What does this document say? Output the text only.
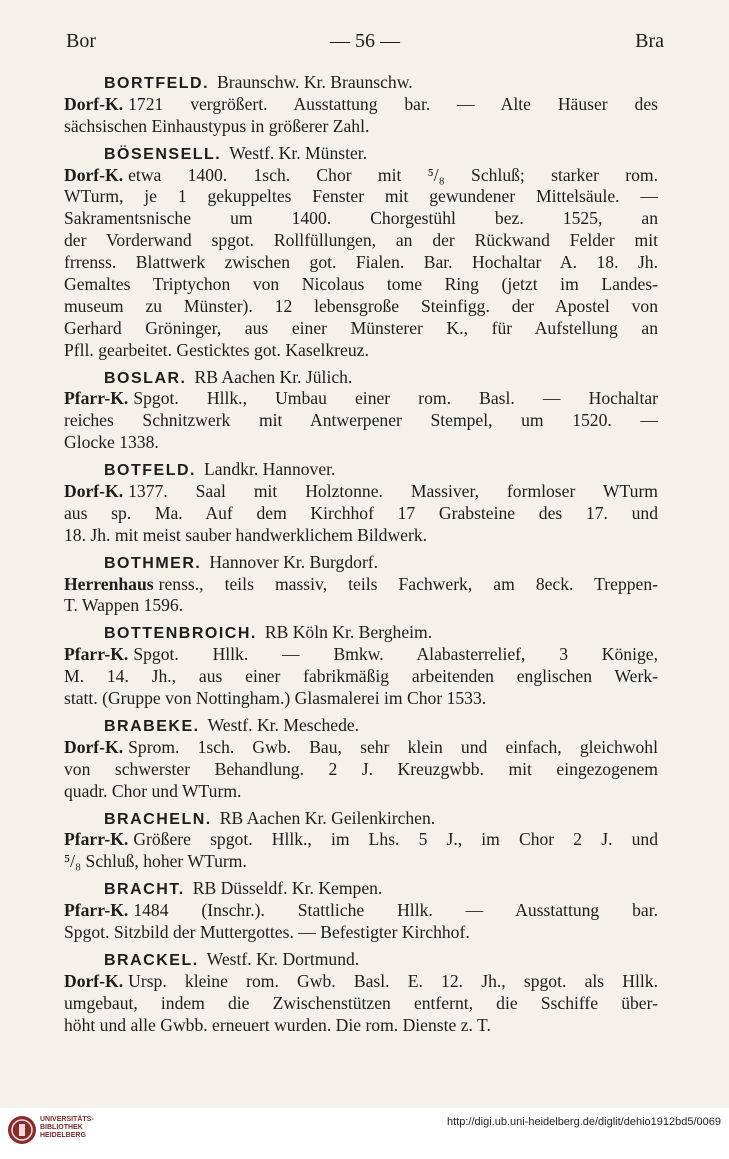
Bor	— 56 —	Bra
BORTFELD. Braunschw. Kr. Braunschw.
Dorf-K. 1721 vergrößert. Ausstattung bar. — Alte Häuser des
sächsischen Einhaustypus in größerer Zahl.
BÖSENSELL. Westf. Kr. Münster.
Dorf-K. etwa 1400. 1sch. Chor mit ⁵/₈ Schluß; starker rom.
WTurm, je 1 gekuppeltes Fenster mit gewundener Mittelsäule. —
Sakramentsnische um 1400. Chorgestühl bez. 1525, an
der Vorderwand spgot. Rollfüllungen, an der Rückwand Felder mit
frrenss. Blattwerk zwischen got. Fialen. Bar. Hochaltar A. 18. Jh.
Gemaltes Triptychon von Nicolaus tome Ring (jetzt im Landes-
museum zu Münster). 12 lebensgroße Steinfigg. der Apostel von
Gerhard Gröninger, aus einer Münsterer K., für Aufstellung an
Pfll. gearbeitet. Gesticktes got. Kaselkreuz.
BOSLAR. RB Aachen Kr. Jülich.
Pfarr-K. Spgot. Hllk., Umbau einer rom. Basl. — Hochaltar
reiches Schnitzwerk mit Antwerpener Stempel, um 1520. —
Glocke 1338.
BOTFELD. Landkr. Hannover.
Dorf-K. 1377. Saal mit Holztonne. Massiver, formloser WTurm
aus sp. Ma. Auf dem Kirchhof 17 Grabsteine des 17. und
18. Jh. mit meist sauber handwerklichem Bildwerk.
BOTHMER. Hannover Kr. Burgdorf.
Herrenhaus renss., teils massiv, teils Fachwerk, am 8eck. Treppen-
T. Wappen 1596.
BOTTENBROICH. RB Köln Kr. Bergheim.
Pfarr-K. Spgot. Hllk. — Bmkw. Alabasterrelief, 3 Könige,
M. 14. Jh., aus einer fabrikmäßig arbeitenden englischen Werk-
statt. (Gruppe von Nottingham.) Glasmalerei im Chor 1533.
BRABEKE. Westf. Kr. Meschede.
Dorf-K. Sprom. 1sch. Gwb. Bau, sehr klein und einfach, gleichwohl
von schwerster Behandlung. 2 J. Kreuzgwbb. mit eingezogenem
quadr. Chor und WTurm.
BRACHELN. RB Aachen Kr. Geilenkirchen.
Pfarr-K. Größere spgot. Hllk., im Lhs. 5 J., im Chor 2 J. und
⁵/₈ Schluß, hoher WTurm.
BRACHT. RB Düsseldf. Kr. Kempen.
Pfarr-K. 1484 (Inschr.). Stattliche Hllk. — Ausstattung bar.
Spgot. Sitzbild der Muttergottes. — Befestigter Kirchhof.
BRACKEL. Westf. Kr. Dortmund.
Dorf-K. Ursp. kleine rom. Gwb. Basl. E. 12. Jh., spgot. als Hllk.
umgebaut, indem die Zwischenstützen entfernt, die Sschiffe über-
höht und alle Gwbb. erneuert wurden. Die rom. Dienste z. T.
UNIVERSITÄTS-
BIBLIOTHEK
HEIDELBERG
http://digi.ub.uni-heidelberg.de/diglit/dehio1912bd5/0069
